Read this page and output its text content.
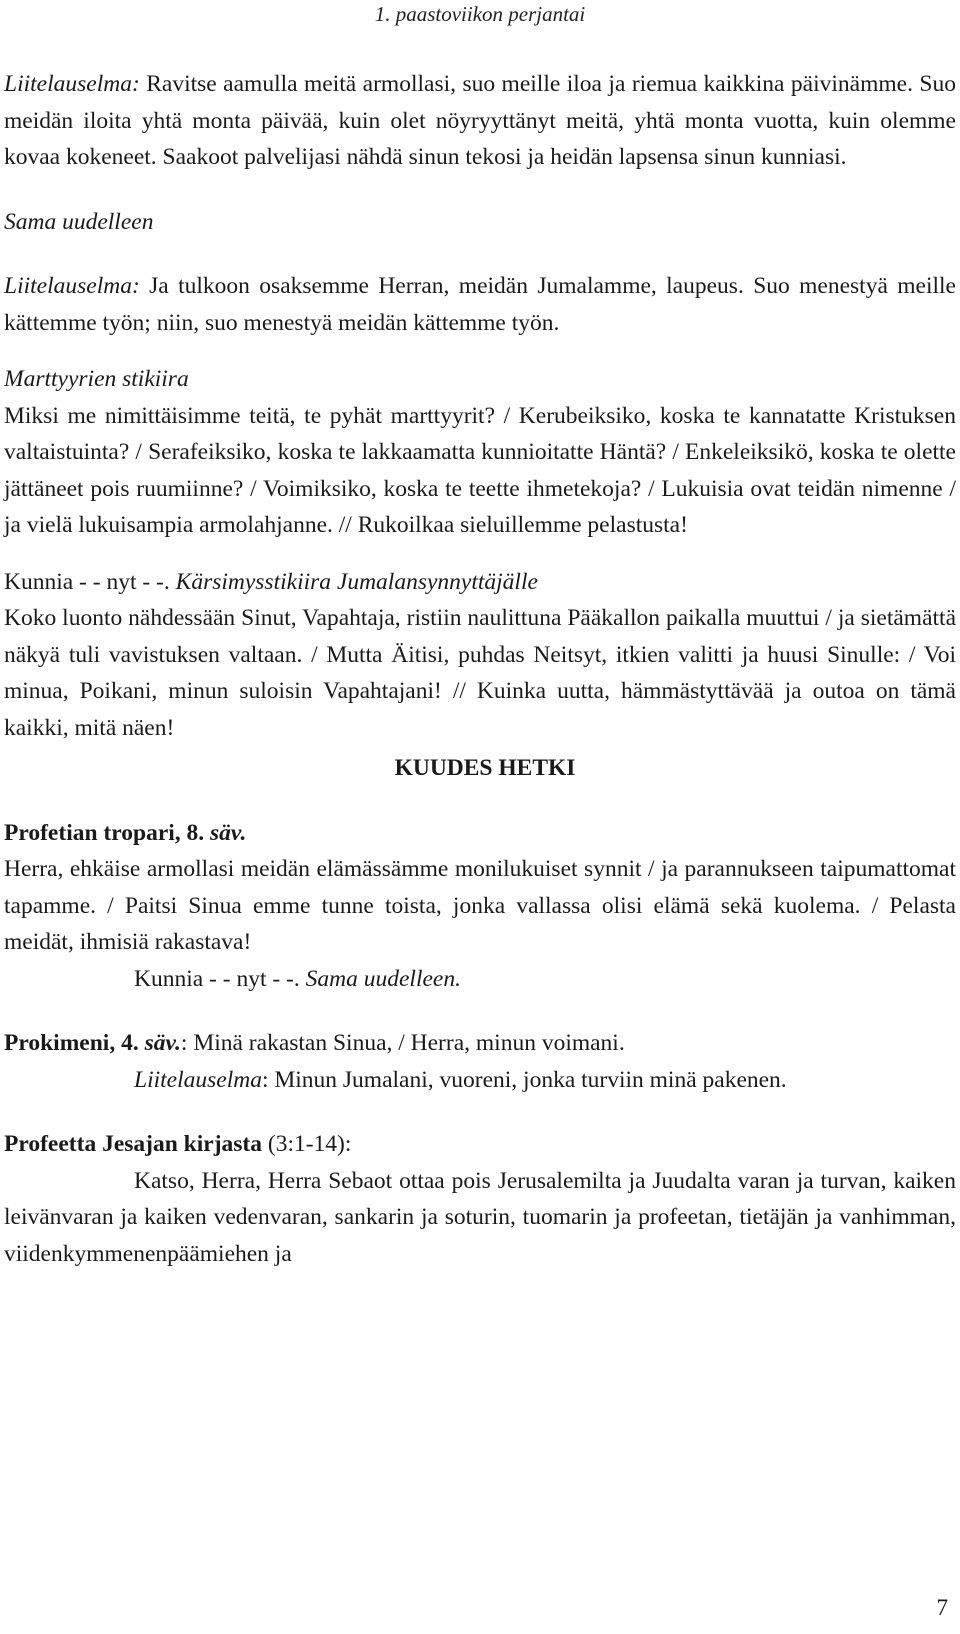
1. paastoviikon perjantai

Liitelauselma: Ravitse aamulla meitä armollasi, suo meille iloa ja riemua kaikkina päivinämme. Suo meidän iloita yhtä monta päivää, kuin olet nöyryyttänyt meitä, yhtä monta vuotta, kuin olemme kovaa kokeneet. Saakoot palvelijasi nähdä sinun tekosi ja heidän lapsensa sinun kunniasi.

Sama uudelleen

Liitelauselma: Ja tulkoon osaksemme Herran, meidän Jumalamme, laupeus. Suo menestyä meille kättemme työn; niin, suo menestyä meidän kättemme työn.

Marttyyrien stikiira

Miksi me nimittäisimme teitä, te pyhät marttyyrit? / Kerubeiksiko, koska te kannatatte Kristuksen valtaistuinta? / Serafeiksiko, koska te lakkaamatta kunnioitatte Häntä? / Enkeleiksikö, koska te olette jättäneet pois ruumiinne? / Voimiksiko, koska te teette ihmetekoja? / Lukuisia ovat teidän nimenne / ja vielä lukuisampia armolahjanne. // Rukoilkaa sieluillemme pelastusta!

Kunnia - - nyt - -. Kärsimysstikiira Jumalansynnyttäjälle

Koko luonto nähdessään Sinut, Vapahtaja, ristiin naulittuna Pääkallon paikalla muuttui / ja sietämättä näkyä tuli vavistuksen valtaan. / Mutta Äitisi, puhdas Neitsyt, itkien valitti ja huusi Sinulle: / Voi minua, Poikani, minun suloisin Vapahtajani! // Kuinka uutta, hämmästyttävää ja outoa on tämä kaikki, mitä näen!

KUUDES HETKI

Profetian tropari, 8. säv.

Herra, ehkäise armollasi meidän elämässämme monilukuiset synnit / ja parannukseen taipumattomat tapamme. / Paitsi Sinua emme tunne toista, jonka vallassa olisi elämä sekä kuolema. / Pelasta meidät, ihmisiä rakastava!

Kunnia - - nyt - -. Sama uudelleen.

Prokimeni, 4. säv.: Minä rakastan Sinua, / Herra, minun voimani.

Liitelauselma: Minun Jumalani, vuoreni, jonka turviin minä pakenen.

Profeetta Jesajan kirjasta (3:1-14):

Katso, Herra, Herra Sebaot ottaa pois Jerusalemilta ja Juudalta varan ja turvan, kaiken leivänvaran ja kaiken vedenvaran, sankarin ja soturin, tuomarin ja profeetan, tietäjän ja vanhimman, viidenkymmenenpäämiehen ja

7
